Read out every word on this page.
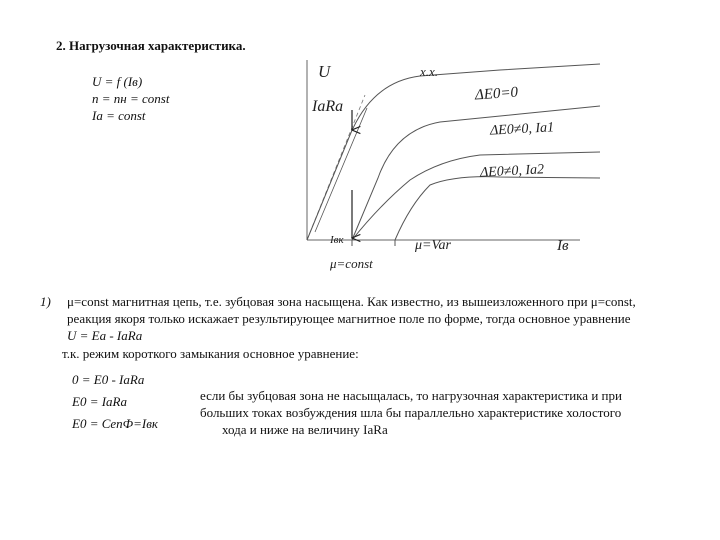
2. Нагрузочная характеристика.
U = f (Iв)
n = nн = const
Iа = const
U	х.х.
ΔE0=0
IaRa
ΔE0≠0, Ia1
ΔE0≠0, Ia2
Iвк	μ=Var	Iв
μ=const
1) μ=const магнитная цепь, т.е. зубцовая зона насыщена. Как известно, из вышеизложенного при μ=const,
реакция якоря только искажает результирующее магнитное поле по форме, тогда основное уравнение
U = Eа - IаRа
т.к. режим короткого замыкания основное уравнение:
0 = E0 - IаRа
E0 = IаRа
E0 = CеnФ=Iвк
если бы зубцовая зона не насыщалась, то нагрузочная характеристика и при
больших токах возбуждения шла бы параллельно характеристике холостого
хода и ниже на величину IаRа
